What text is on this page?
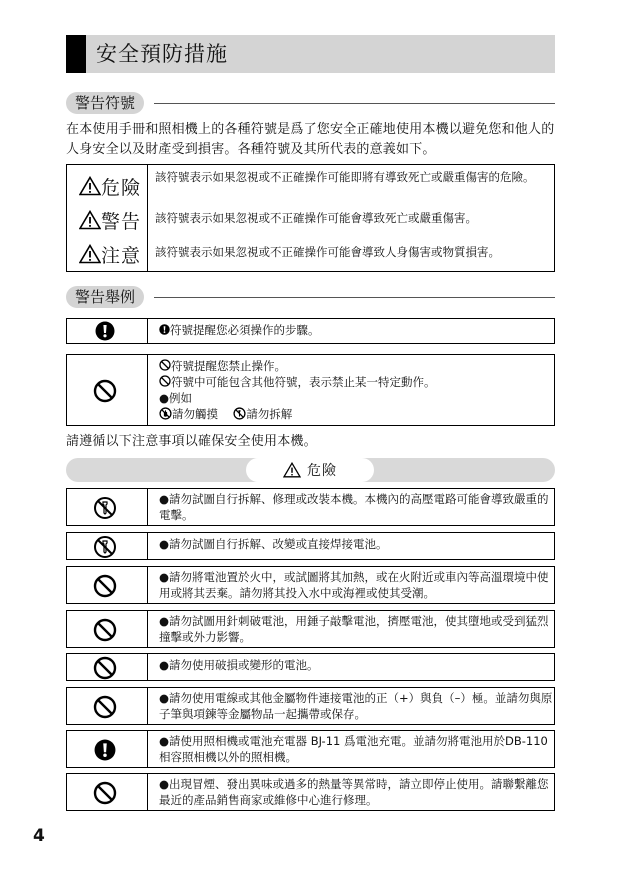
安全預防措施
警告符號
在本使用手冊和照相機上的各種符號是爲了您安全正確地使用本機以避免您和他人的人身安全以及財產受到損害。各種符號及其所代表的意義如下。
危險 該符號表示如果忽視或不正確操作可能即將有導致死亡或嚴重傷害的危險。
警告 該符號表示如果忽視或不正確操作可能會導致死亡或嚴重傷害。
注意 該符號表示如果忽視或不正確操作可能會導致人身傷害或物質損害。
警告舉例
符號提醒您必須操作的步驟。
符號提醒您禁止操作。
符號中可能包含其他符號，表示禁止某一特定動作。
●例如
請勿觸摸 請勿拆解
請遵循以下注意事項以確保安全使用本機。
危險
●請勿試圖自行拆解、修理或改裝本機。本機內的高壓電路可能會導致嚴重的電擊。
●請勿試圖自行拆解、改變或直接焊接電池。
●請勿將電池置於火中，或試圖將其加熱，或在火附近或車內等高溫環境中使用或將其丟棄。請勿將其投入水中或海裡或使其受潮。
●請勿試圖用針刺破電池，用錘子敲擊電池，擠壓電池，使其墮地或受到猛烈撞擊或外力影響。
●請勿使用破損或變形的電池。
●請勿使用電線或其他金屬物件連接電池的正（+）與負（–）極。並請勿與原子筆與項鍊等金屬物品一起攜帶或保存。
●請使用照相機或電池充電器 BJ-11 爲電池充電。並請勿將電池用於DB-110 相容照相機以外的照相機。
●出現冒煙、發出異味或過多的熱量等異常時，請立即停止使用。請聯繫離您最近的產品銷售商家或維修中心進行修理。
4
